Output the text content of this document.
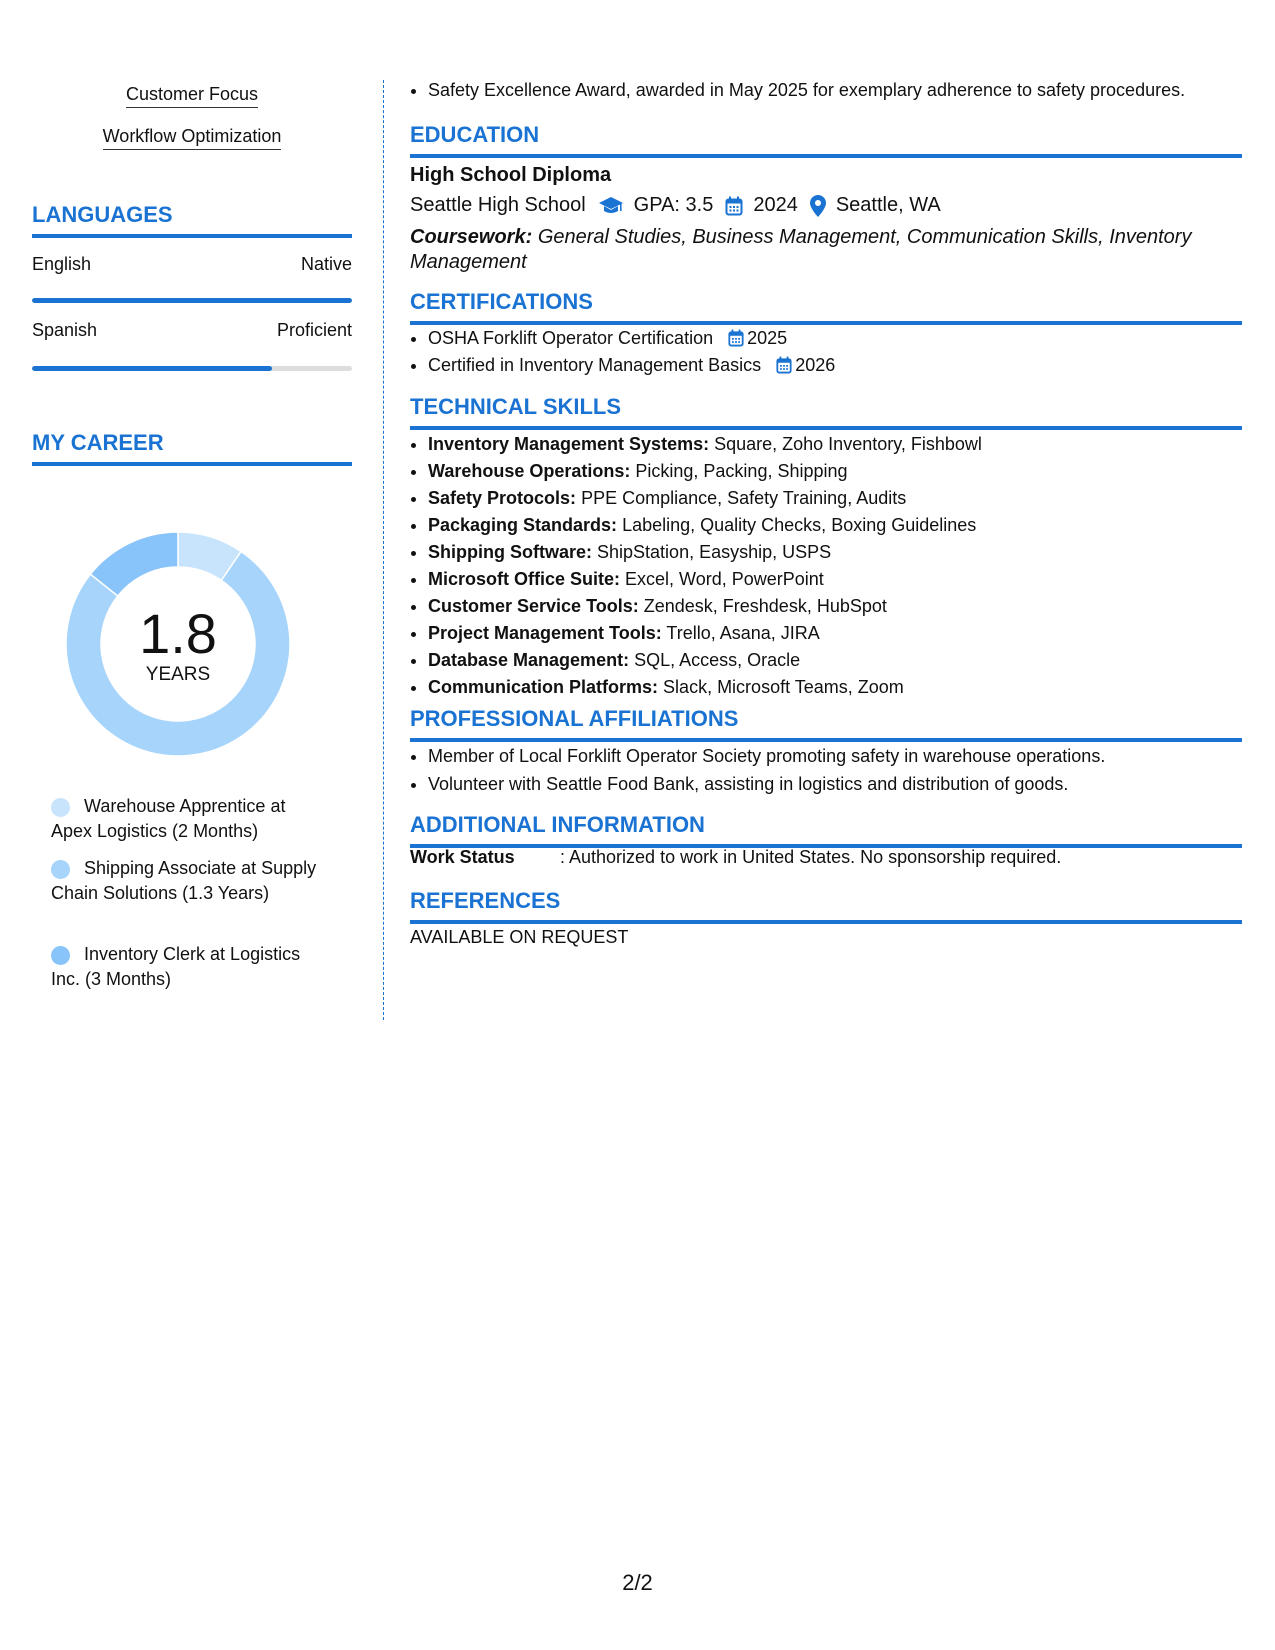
Customer Focus
Workflow Optimization
LANGUAGES
English	Native
Spanish	Proficient
MY CAREER
1.8
YEARS
Warehouse Apprentice at Apex Logistics (2 Months)
Shipping Associate at Supply Chain Solutions (1.3 Years)
Inventory Clerk at Logistics Inc. (3 Months)
• Safety Excellence Award, awarded in May 2025 for exemplary adherence to safety procedures.
EDUCATION
High School Diploma
Seattle High School GPA: 3.5 2024 Seattle, WA
Coursework: General Studies, Business Management, Communication Skills, Inventory Management
CERTIFICATIONS
• OSHA Forklift Operator Certification 2025
• Certified in Inventory Management Basics 2026
TECHNICAL SKILLS
• Inventory Management Systems: Square, Zoho Inventory, Fishbowl
• Warehouse Operations: Picking, Packing, Shipping
• Safety Protocols: PPE Compliance, Safety Training, Audits
• Packaging Standards: Labeling, Quality Checks, Boxing Guidelines
• Shipping Software: ShipStation, Easyship, USPS
• Microsoft Office Suite: Excel, Word, PowerPoint
• Customer Service Tools: Zendesk, Freshdesk, HubSpot
• Project Management Tools: Trello, Asana, JIRA
• Database Management: SQL, Access, Oracle
• Communication Platforms: Slack, Microsoft Teams, Zoom
PROFESSIONAL AFFILIATIONS
• Member of Local Forklift Operator Society promoting safety in warehouse operations.
• Volunteer with Seattle Food Bank, assisting in logistics and distribution of goods.
ADDITIONAL INFORMATION
Work Status	: Authorized to work in United States. No sponsorship required.
REFERENCES
AVAILABLE ON REQUEST
2/2
